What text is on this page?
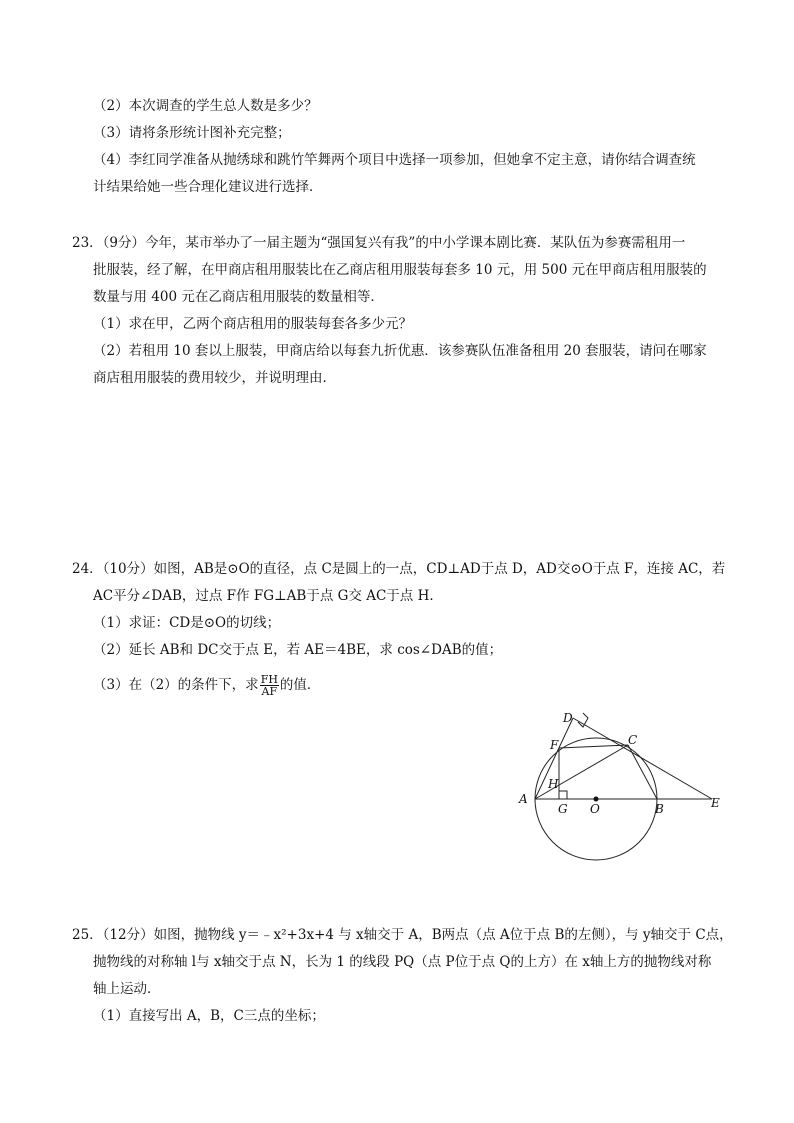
（2）本次调查的学生总人数是多少？
（3）请将条形统计图补充完整；
（4）李红同学准备从抛绣球和跳竹竿舞两个项目中选择一项参加，但她拿不定主意，请你结合调查统
计结果给她一些合理化建议进行选择．
23．（9分）今年，某市举办了一届主题为“强国复兴有我”的中小学课本剧比赛．某队伍为参赛需租用一
批服装，经了解，在甲商店租用服装比在乙商店租用服装每套多 10 元，用 500 元在甲商店租用服装的
数量与用 400 元在乙商店租用服装的数量相等．
（1）求在甲，乙两个商店租用的服装每套各多少元？
（2）若租用 10 套以上服装，甲商店给以每套九折优惠．该参赛队伍准备租用 20 套服装，请问在哪家
商店租用服装的费用较少，并说明理由．
24．（10分）如图，AB是⊙O的直径，点 C是圆上的一点，CD⊥AD于点 D，AD交⊙O于点 F，连接 AC，若
AC平分∠DAB，过点 F作 FG⊥AB于点 G交 AC于点 H．
（1）求证：CD是⊙O的切线；
（2）延长 AB和 DC交于点 E，若 AE＝4BE，求 cos∠DAB的值；
（3）在（2）的条件下，求 $\frac{FH}{AF}$ 的值．
A
B
C
D
E
F
G
H
O
25．（12分）如图，抛物线 y＝﹣x²+3x+4 与 x轴交于 A，B两点（点 A位于点 B的左侧），与 y轴交于 C点，
抛物线的对称轴 l与 x轴交于点 N，长为 1 的线段 PQ（点 P位于点 Q的上方）在 x轴上方的抛物线对称
轴上运动．
（1）直接写出 A，B，C三点的坐标；
